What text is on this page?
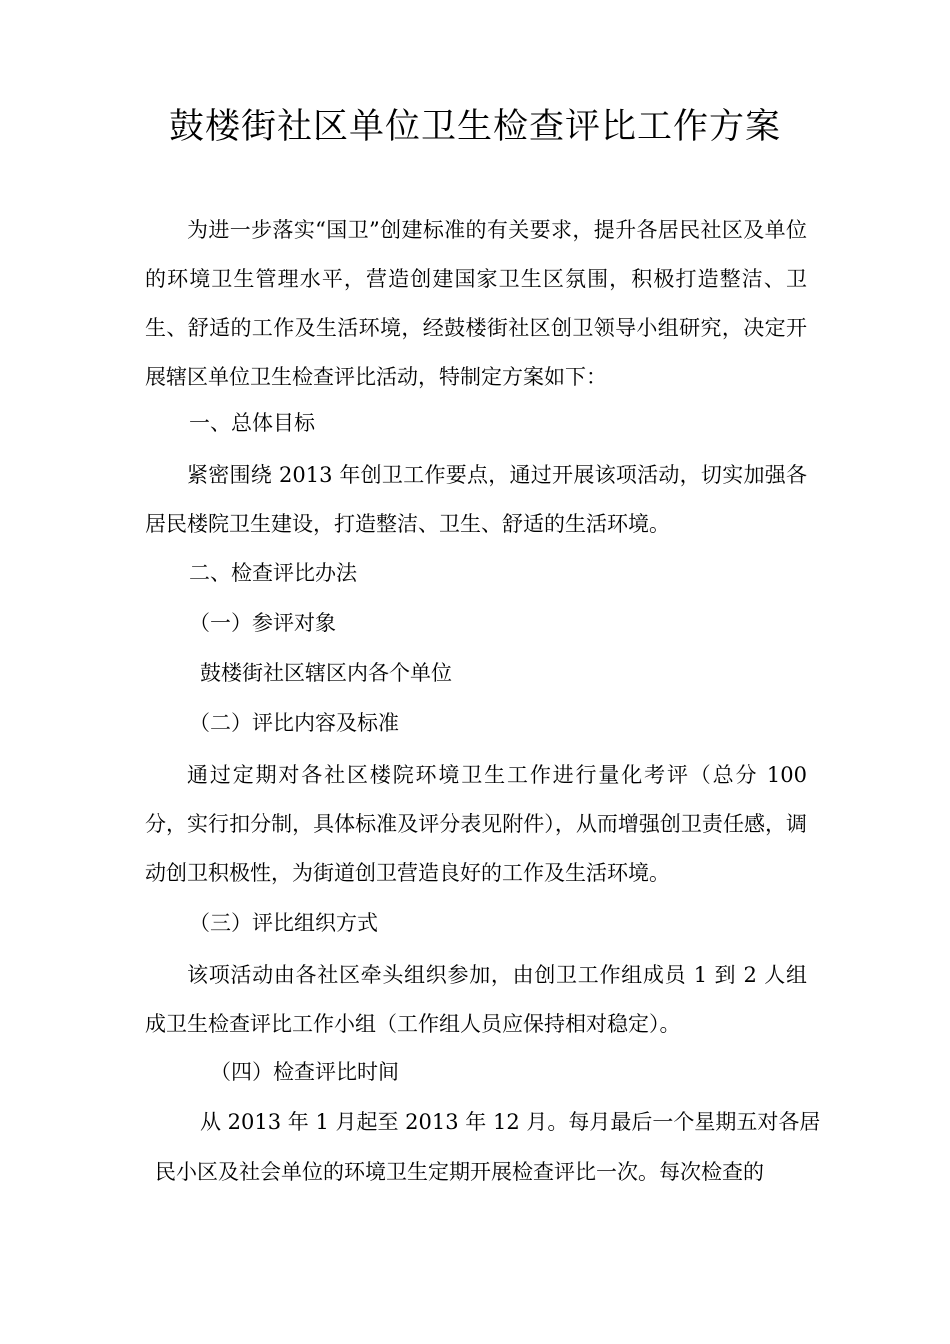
鼓楼街社区单位卫生检查评比工作方案

为进一步落实“国卫”创建标准的有关要求，提升各居民社区及单位的环境卫生管理水平，营造创建国家卫生区氛围，积极打造整洁、卫生、舒适的工作及生活环境，经鼓楼街社区创卫领导小组研究，决定开展辖区单位卫生检查评比活动，特制定方案如下：

一、总体目标

紧密围绕 2013 年创卫工作要点，通过开展该项活动，切实加强各居民楼院卫生建设，打造整洁、卫生、舒适的生活环境。

二、检查评比办法

（一）参评对象

鼓楼街社区辖区内各个单位

（二）评比内容及标准

通过定期对各社区楼院环境卫生工作进行量化考评（总分 100 分，实行扣分制，具体标准及评分表见附件），从而增强创卫责任感，调动创卫积极性，为街道创卫营造良好的工作及生活环境。

（三）评比组织方式

该项活动由各社区牵头组织参加，由创卫工作组成员 1 到 2 人组成卫生检查评比工作小组（工作组人员应保持相对稳定）。

（四）检查评比时间

从 2013 年 1 月起至 2013 年 12 月。每月最后一个星期五对各居

民小区及社会单位的环境卫生定期开展检查评比一次。每次检查的
